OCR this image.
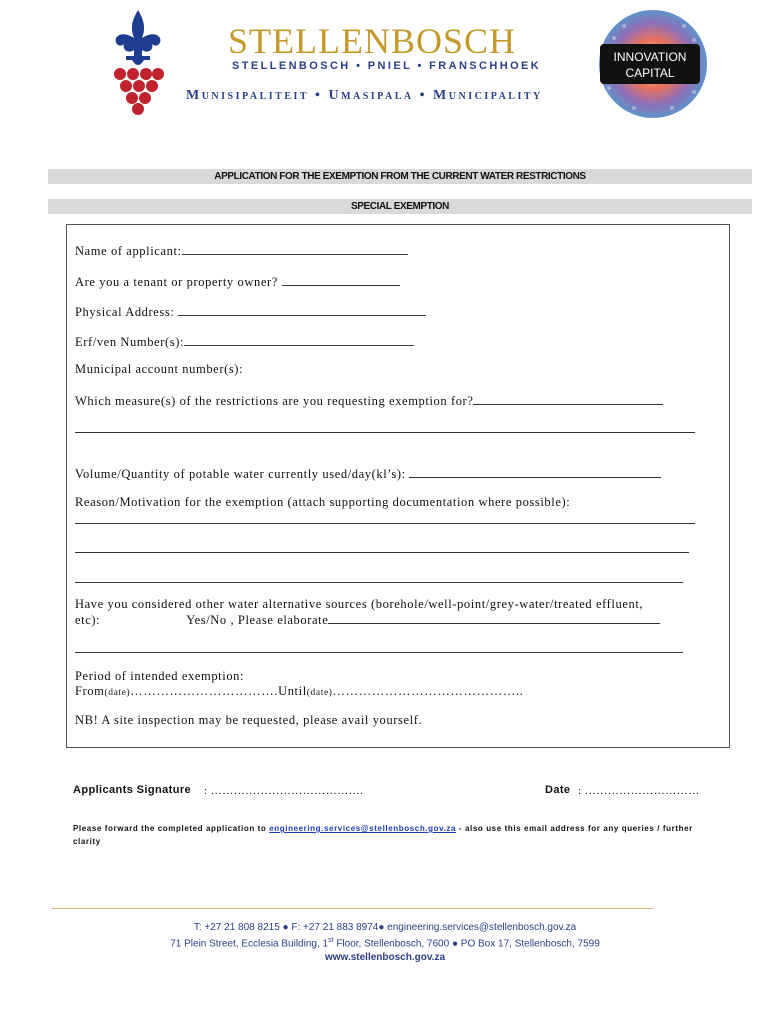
STELLENBOSCH
STELLENBOSCH • PNIEL • FRANSCHHOEK
Munisipaliteit • Umasipala • Municipality
INNOVATION
CAPITAL
APPLICATION FOR THE EXEMPTION FROM THE CURRENT WATER RESTRICTIONS
SPECIAL EXEMPTION
Name of applicant:
Are you a tenant or property owner?
Physical Address:
Erf/ven Number(s):
Municipal account number(s):
Which measure(s) of the restrictions are you requesting exemption for?
Volume/Quantity of potable water currently used/day(kl’s):
Reason/Motivation for the exemption (attach supporting documentation where possible):
Have you considered other water alternative sources (borehole/well-point/grey-water/treated effluent,
etc):	Yes/No , Please elaborate
Period of intended exemption:
From(date)…………………………….Until(date)……………………………………..
NB! A site inspection may be requested, please avail yourself.
Applicants Signature : ………………………………….	Date : …………………………
Please forward the completed application to engineering.services@stellenbosch.gov.za - also use this email address for any queries / further clarity
T: +27 21 808 8215 ● F: +27 21 883 8974● engineering.services@stellenbosch.gov.za
71 Plein Street, Ecclesia Building, 1st Floor, Stellenbosch, 7600 ● PO Box 17, Stellenbosch, 7599
www.stellenbosch.gov.za
